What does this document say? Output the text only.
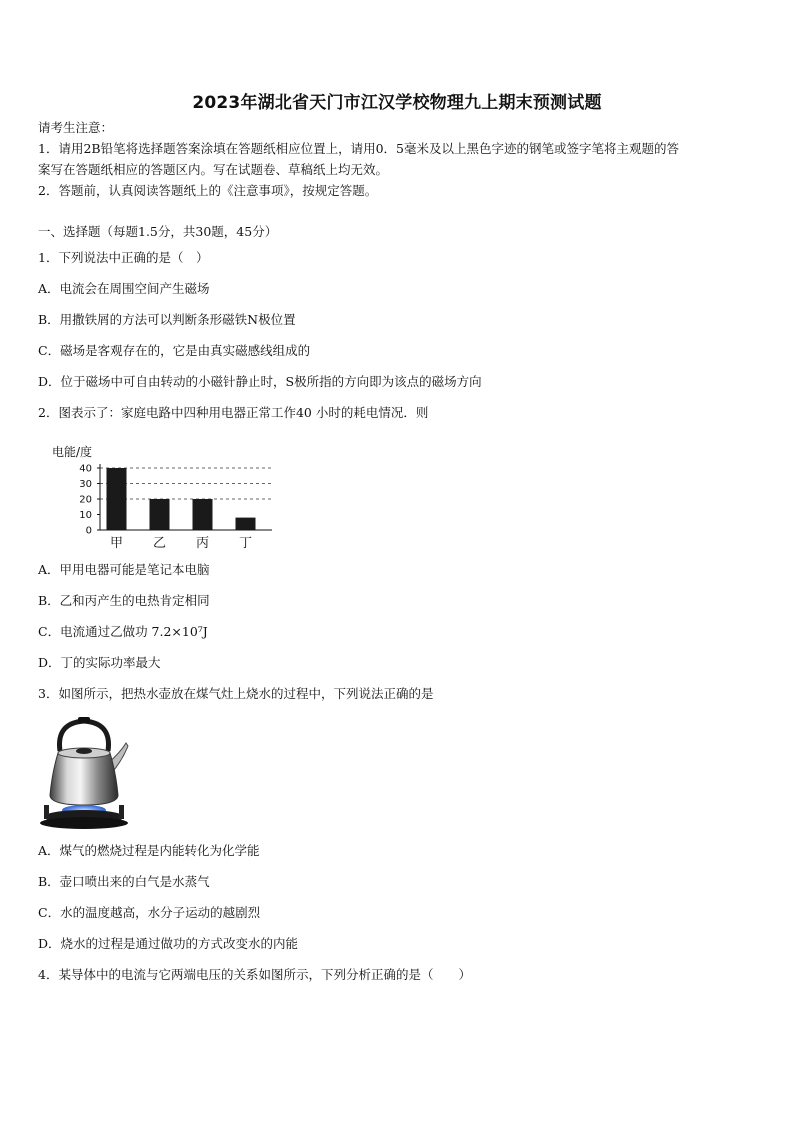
2023年湖北省天门市江汉学校物理九上期末预测试题
请考生注意：
1．请用2B铅笔将选择题答案涂填在答题纸相应位置上，请用0．5毫米及以上黑色字迹的钢笔或签字笔将主观题的答
案写在答题纸相应的答题区内。写在试题卷、草稿纸上均无效。
2．答题前，认真阅读答题纸上的《注意事项》，按规定答题。
一、选择题（每题1.5分，共30题，45分）
1．下列说法中正确的是（　）
A．电流会在周围空间产生磁场
B．用撒铁屑的方法可以判断条形磁铁N极位置
C．磁场是客观存在的，它是由真实磁感线组成的
D．位于磁场中可自由转动的小磁针静止时，S极所指的方向即为该点的磁场方向
2．图表示了：家庭电路中四种用电器正常工作40 小时的耗电情况．则
电能/度
0
10
20
30
40
甲 乙 丙 丁
A．甲用电器可能是笔记本电脑
B．乙和丙产生的电热肯定相同
C．电流通过乙做功 7.2×10⁷J
D．丁的实际功率最大
3．如图所示，把热水壶放在煤气灶上烧水的过程中，下列说法正确的是
A．煤气的燃烧过程是内能转化为化学能
B．壶口喷出来的白气是水蒸气
C．水的温度越高，水分子运动的越剧烈
D．烧水的过程是通过做功的方式改变水的内能
4．某导体中的电流与它两端电压的关系如图所示，下列分析正确的是（　　）
